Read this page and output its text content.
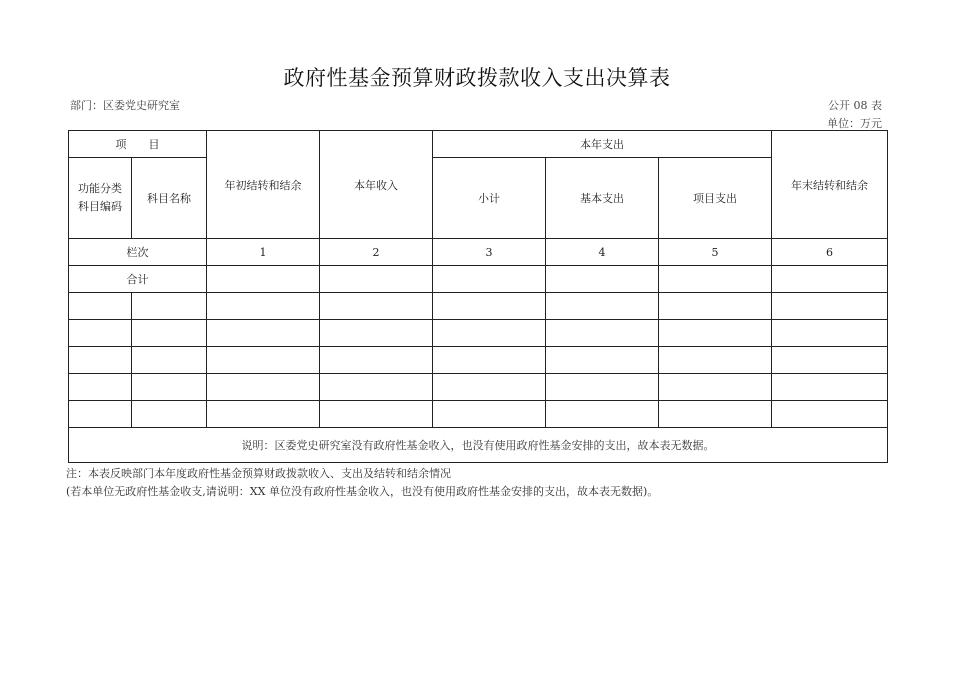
政府性基金预算财政拨款收入支出决算表
部门：区委党史研究室	公开 08 表
单位：万元
项　　目		年初结转和结余	本年收入	本年支出			年末结转和结余
功能分类
科目编码	科目名称			小计	基本支出	项目支出	
栏次		1	2	3	4	5	6
合计							

说明：区委党史研究室没有政府性基金收入，也没有使用政府性基金安排的支出，故本表无数据。							
注：本表反映部门本年度政府性基金预算财政拨款收入、支出及结转和结余情况
(若本单位无政府性基金收支,请说明：XX 单位没有政府性基金收入，也没有使用政府性基金安排的支出，故本表无数据)。
